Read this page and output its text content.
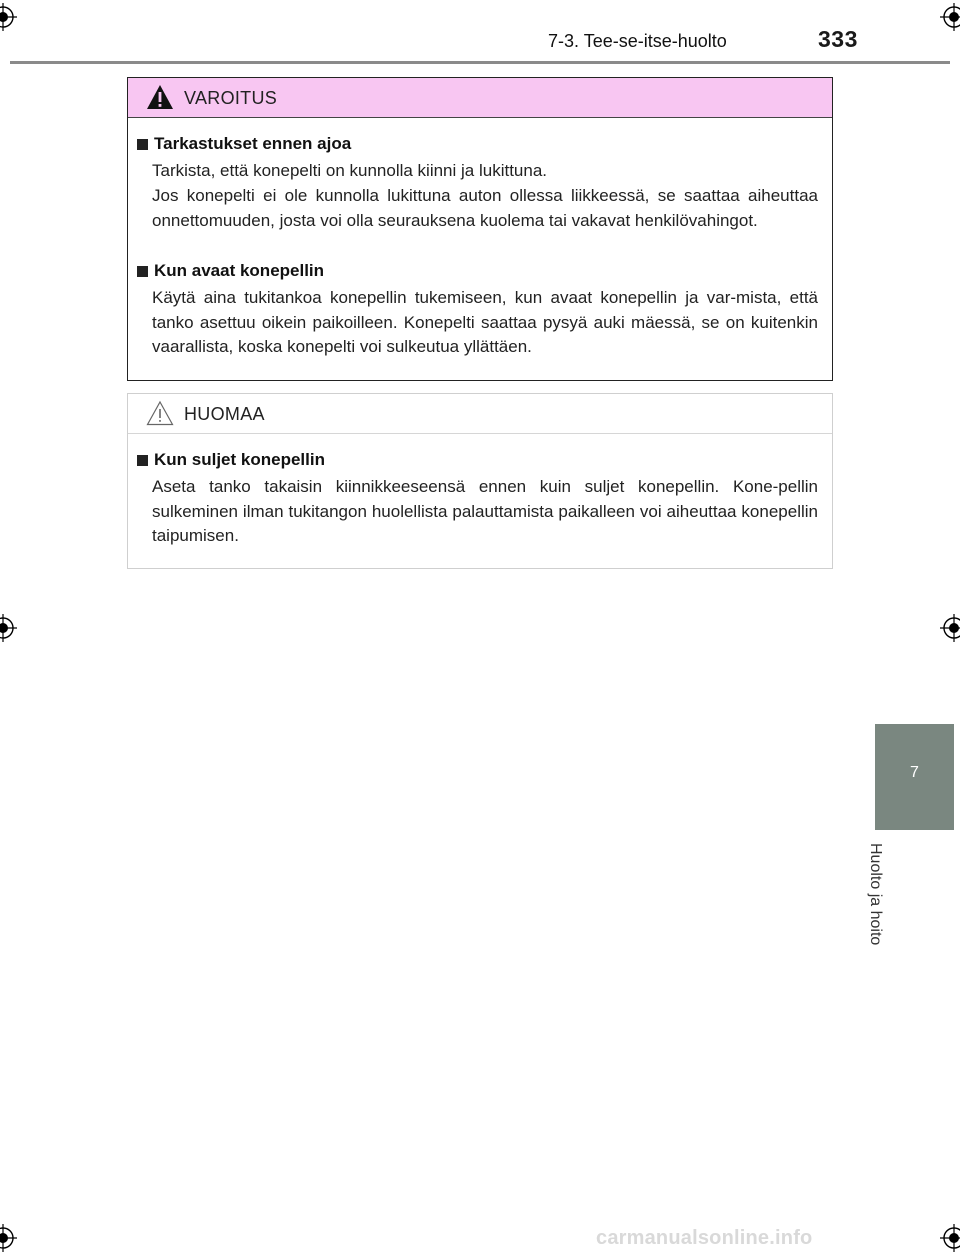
7-3. Tee-se-itse-huolto	333
VAROITUS
Tarkastukset ennen ajoa
Tarkista, että konepelti on kunnolla kiinni ja lukittuna.
Jos konepelti ei ole kunnolla lukittuna auton ollessa liikkeessä, se saattaa aiheuttaa onnettomuuden, josta voi olla seurauksena kuolema tai vakavat henkilövahingot.
Kun avaat konepellin
Käytä aina tukitankoa konepellin tukemiseen, kun avaat konepellin ja var-mista, että tanko asettuu oikein paikoilleen. Konepelti saattaa pysyä auki mäessä, se on kuitenkin vaarallista, koska konepelti voi sulkeutua yllättäen.
HUOMAA
Kun suljet konepellin
Aseta tanko takaisin kiinnikkeeseensä ennen kuin suljet konepellin. Kone-pellin sulkeminen ilman tukitangon huolellista palauttamista paikalleen voi aiheuttaa konepellin taipumisen.
7
Huolto ja hoito
carmanualsonline.info
